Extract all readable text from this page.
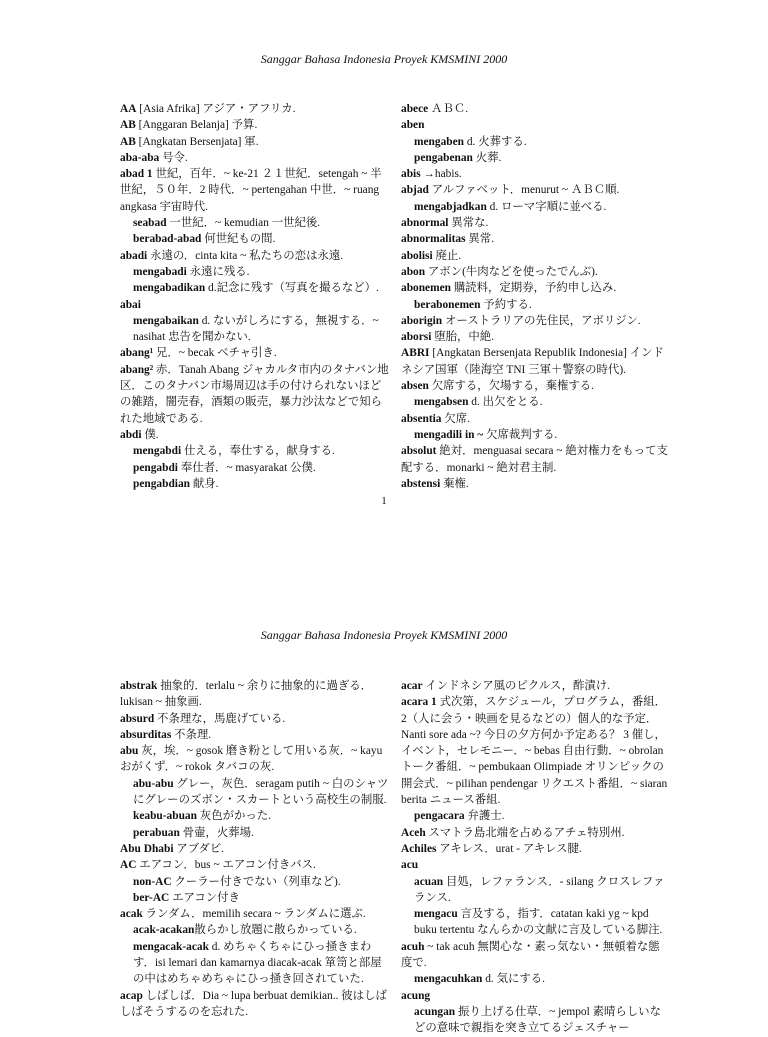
Sanggar Bahasa Indonesia Proyek KMSMINI 2000

AA [Asia Afrika] アジア・アフリカ.

AB [Anggaran Belanja] 予算.

AB [Angkatan Bersenjata] 軍.

aba-aba 号令.

abad 1 世紀，百年．~ ke-21 ２１世紀．setengah ~ 半世紀，５０年．2 時代．~ pertengahan 中世．~ ruang angkasa 宇宙時代.

seabad 一世紀．~ kemudian 一世紀後.

berabad-abad 何世紀もの間.

abadi 永遠の．cinta kita ~ 私たちの恋は永遠.

mengabadi 永遠に残る.

mengabadikan d.記念に残す（写真を撮るなど）.

abai

mengabaikan d. ないがしろにする，無視する．~ nasihat 忠告を聞かない.

abang¹ 兄．~ becak ベチャ引き.

abang² 赤．Tanah Abang ジャカルタ市内のタナバン地区．このタナバン市場周辺は手の付けられないほどの雑踏，闇売春，酒類の販売，暴力沙汰などで知られた地域である.

abdi 僕.

mengabdi 仕える，奉仕する，献身する.

pengabdi 奉仕者．~ masyarakat 公僕.

pengabdian 献身.

abece ＡＢＣ.

aben

mengaben d. 火葬する.

pengabenan 火葬.

abis →habis.

abjad アルファベット．menurut ~ ＡＢＣ順.

mengabjadkan d. ローマ字順に並べる.

abnormal 異常な.

abnormalitas 異常.

abolisi 廃止.

abon アボン(牛肉などを使ったでんぶ).

abonemen 購読料，定期券，予約申し込み.

berabonemen 予約する.

aborigin オーストラリアの先住民，アボリジン.

aborsi 堕胎，中絶.

ABRI [Angkatan Bersenjata Republik Indonesia] インドネシア国軍（陸海空 TNI 三軍＋警察の時代).

absen 欠席する，欠場する，棄権する.

mengabsen d. 出欠をとる.

absentia 欠席.

mengadili in ~ 欠席裁判する.

absolut 絶対．menguasai secara ~ 絶対権力をもって支配する．monarki ~ 絶対君主制.

abstensi 棄権.

1
Sanggar Bahasa Indonesia Proyek KMSMINI 2000

abstrak 抽象的．terlalu ~ 余りに抽象的に過ぎる．lukisan ~ 抽象画.

absurd 不条理な，馬鹿げている.

absurditas 不条理.

abu 灰，埃．~ gosok 磨き粉として用いる灰．~ kayu おがくず．~ rokok タバコの灰.

abu-abu グレー，灰色．seragam putih ~ 白のシャツにグレーのズボン・スカートという高校生の制服.

keabu-abuan 灰色がかった.

perabuan 骨壷，火葬場.

Abu Dhabi アブダビ.

AC エアコン．bus ~ エアコン付きバス.

non-AC クーラー付きでない（列車など).

ber-AC エアコン付き

acak ランダム．memilih secara ~ ランダムに選ぶ.

acak-acakan散らかし放題に散らかっている.

mengacak-acak d. めちゃくちゃにひっ掻きまわす．isi lemari dan kamarnya diacak-acak 箪笥と部屋の中はめちゃめちゃにひっ掻き回されていた.

acap しばしば．Dia ~ lupa berbuat demikian.. 彼はしばしばそうするのを忘れた.

acar インドネシア風のピクルス，酢漬け.

acara 1 式次第，スケジュール，プログラム，番組．2（人に会う・映画を見るなどの）個人的な予定．Nanti sore ada ~? 今日の夕方何か予定ある？ 3 催し，イベント，セレモニー．~ bebas 自由行動．~ obrolan トーク番組．~ pembukaan Olimpiade オリンピックの開会式．~ pilihan pendengar リクエスト番組．~ siaran berita ニュース番組.

pengacara 弁護士.

Aceh スマトラ島北端を占めるアチェ特別州.

Achiles アキレス．urat - アキレス腱.

acu

acuan 目処，レファランス．- silang クロスレファランス.

mengacu 言及する，指す．catatan kaki yg ~ kpd buku tertentu なんらかの文献に言及している脚注.

acuh ~ tak acuh 無関心な・素っ気ない・無頓着な態度で.

mengacuhkan d. 気にする.

acung

acungan 振り上げる仕草．~ jempol 素晴らしいなどの意味で親指を突き立てるジェスチャー
